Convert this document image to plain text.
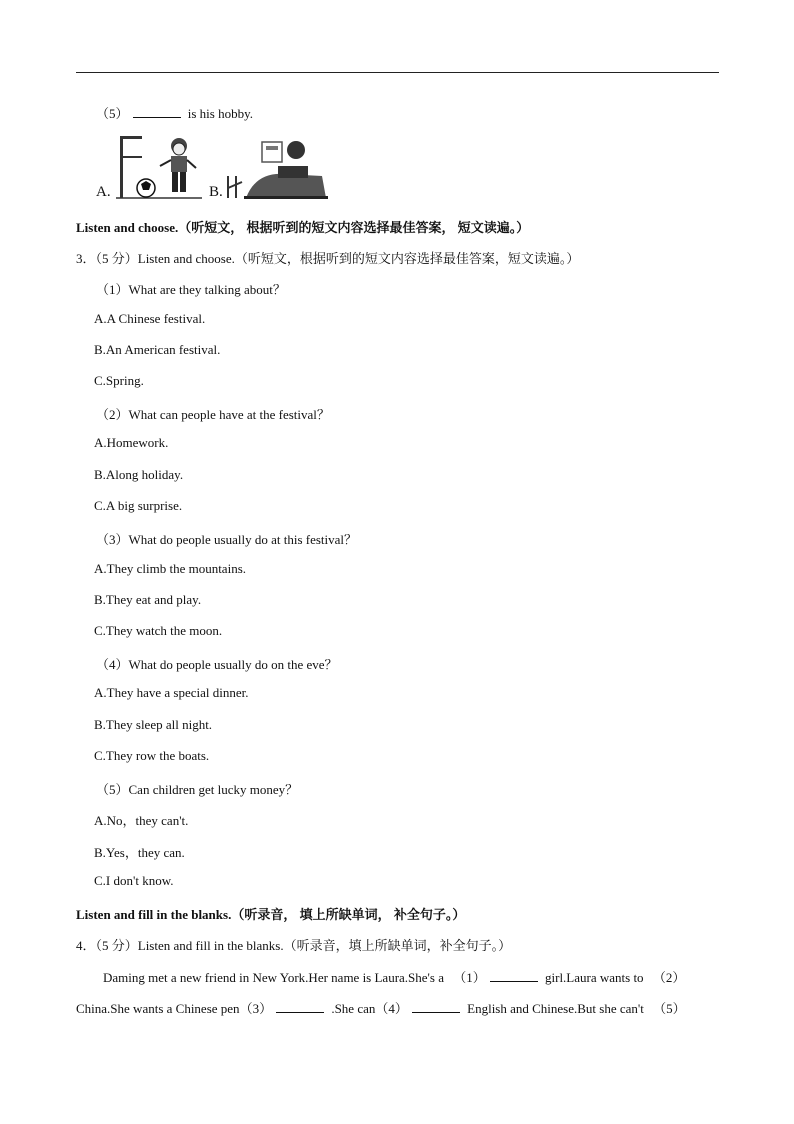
（5）	is his hobby.
A.	B.
Listen and choose.（听短文， 根据听到的短文内容选择最佳答案， 短文读遍。）
3．（5 分）Listen and choose.（听短文，根据听到的短文内容选择最佳答案，短文读遍。）
（1）What are they talking about？
A.A Chinese festival.
B.An American festival.
C.Spring.
（2）What can people have at the festival？
A.Homework.
B.Along holiday.
C.A big surprise.
（3）What do people usually do at this festival？
A.They climb the mountains.
B.They eat and play.
C.They watch the moon.
（4）What do people usually do on the eve？
A.They have a special dinner.
B.They sleep all night.
C.They row the boats.
（5）Can children get lucky money？
A.No，they can't.
B.Yes，they can.
C.I don't know.
Listen and fill in the blanks.（听录音， 填上所缺单词， 补全句子。）
4．（5 分）Listen and fill in the blanks.（听录音，填上所缺单词，补全句子。）
Daming met a new friend in New York.Her name is Laura.She's a （1）	girl.Laura wants to （2）
China.She wants a Chinese pen（3）	.She can（4）	English and Chinese.But she can't （5）
